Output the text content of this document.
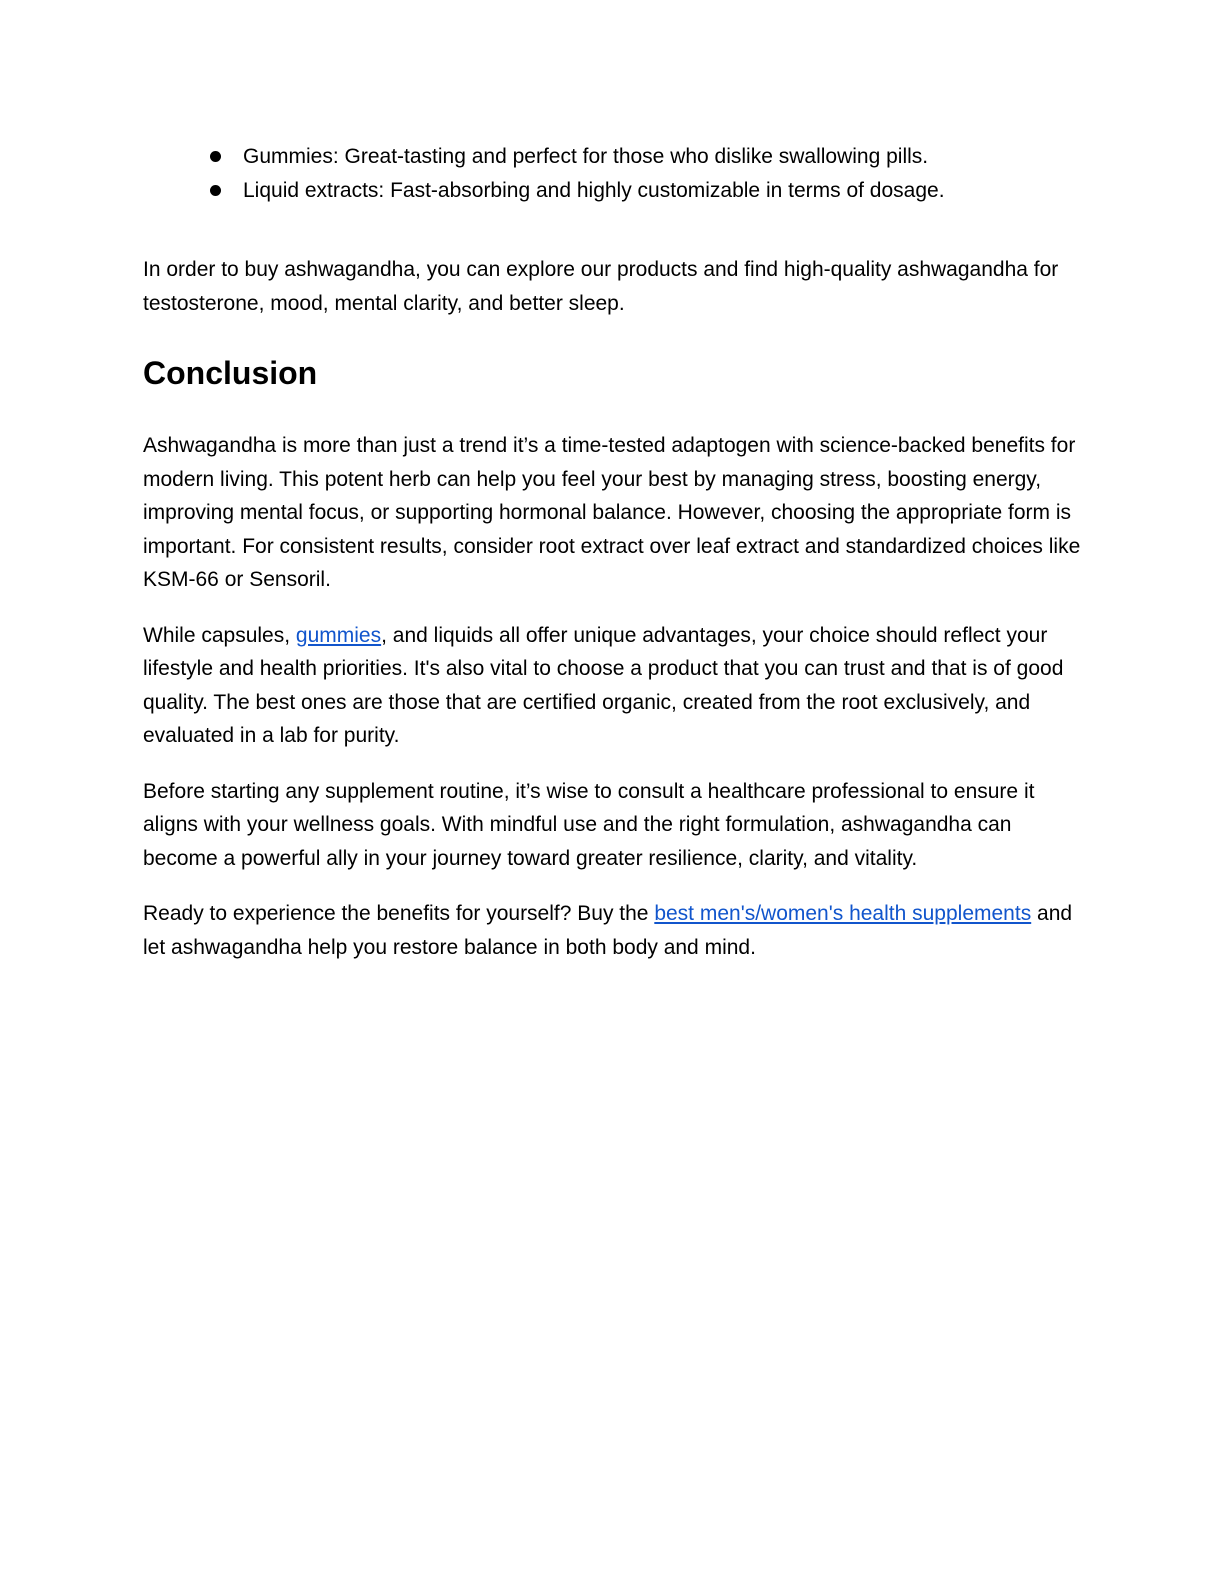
Gummies: Great-tasting and perfect for those who dislike swallowing pills.
Liquid extracts: Fast-absorbing and highly customizable in terms of dosage.

In order to buy ashwagandha, you can explore our products and find high-quality ashwagandha for testosterone, mood, mental clarity, and better sleep.

Conclusion

Ashwagandha is more than just a trend it’s a time-tested adaptogen with science-backed benefits for modern living. This potent herb can help you feel your best by managing stress, boosting energy, improving mental focus, or supporting hormonal balance. However, choosing the appropriate form is important. For consistent results, consider root extract over leaf extract and standardized choices like KSM-66 or Sensoril.

While capsules, gummies, and liquids all offer unique advantages, your choice should reflect your lifestyle and health priorities. It's also vital to choose a product that you can trust and that is of good quality. The best ones are those that are certified organic, created from the root exclusively, and evaluated in a lab for purity.

Before starting any supplement routine, it’s wise to consult a healthcare professional to ensure it aligns with your wellness goals. With mindful use and the right formulation, ashwagandha can become a powerful ally in your journey toward greater resilience, clarity, and vitality.

Ready to experience the benefits for yourself? Buy the best men's/women's health supplements and let ashwagandha help you restore balance in both body and mind.
